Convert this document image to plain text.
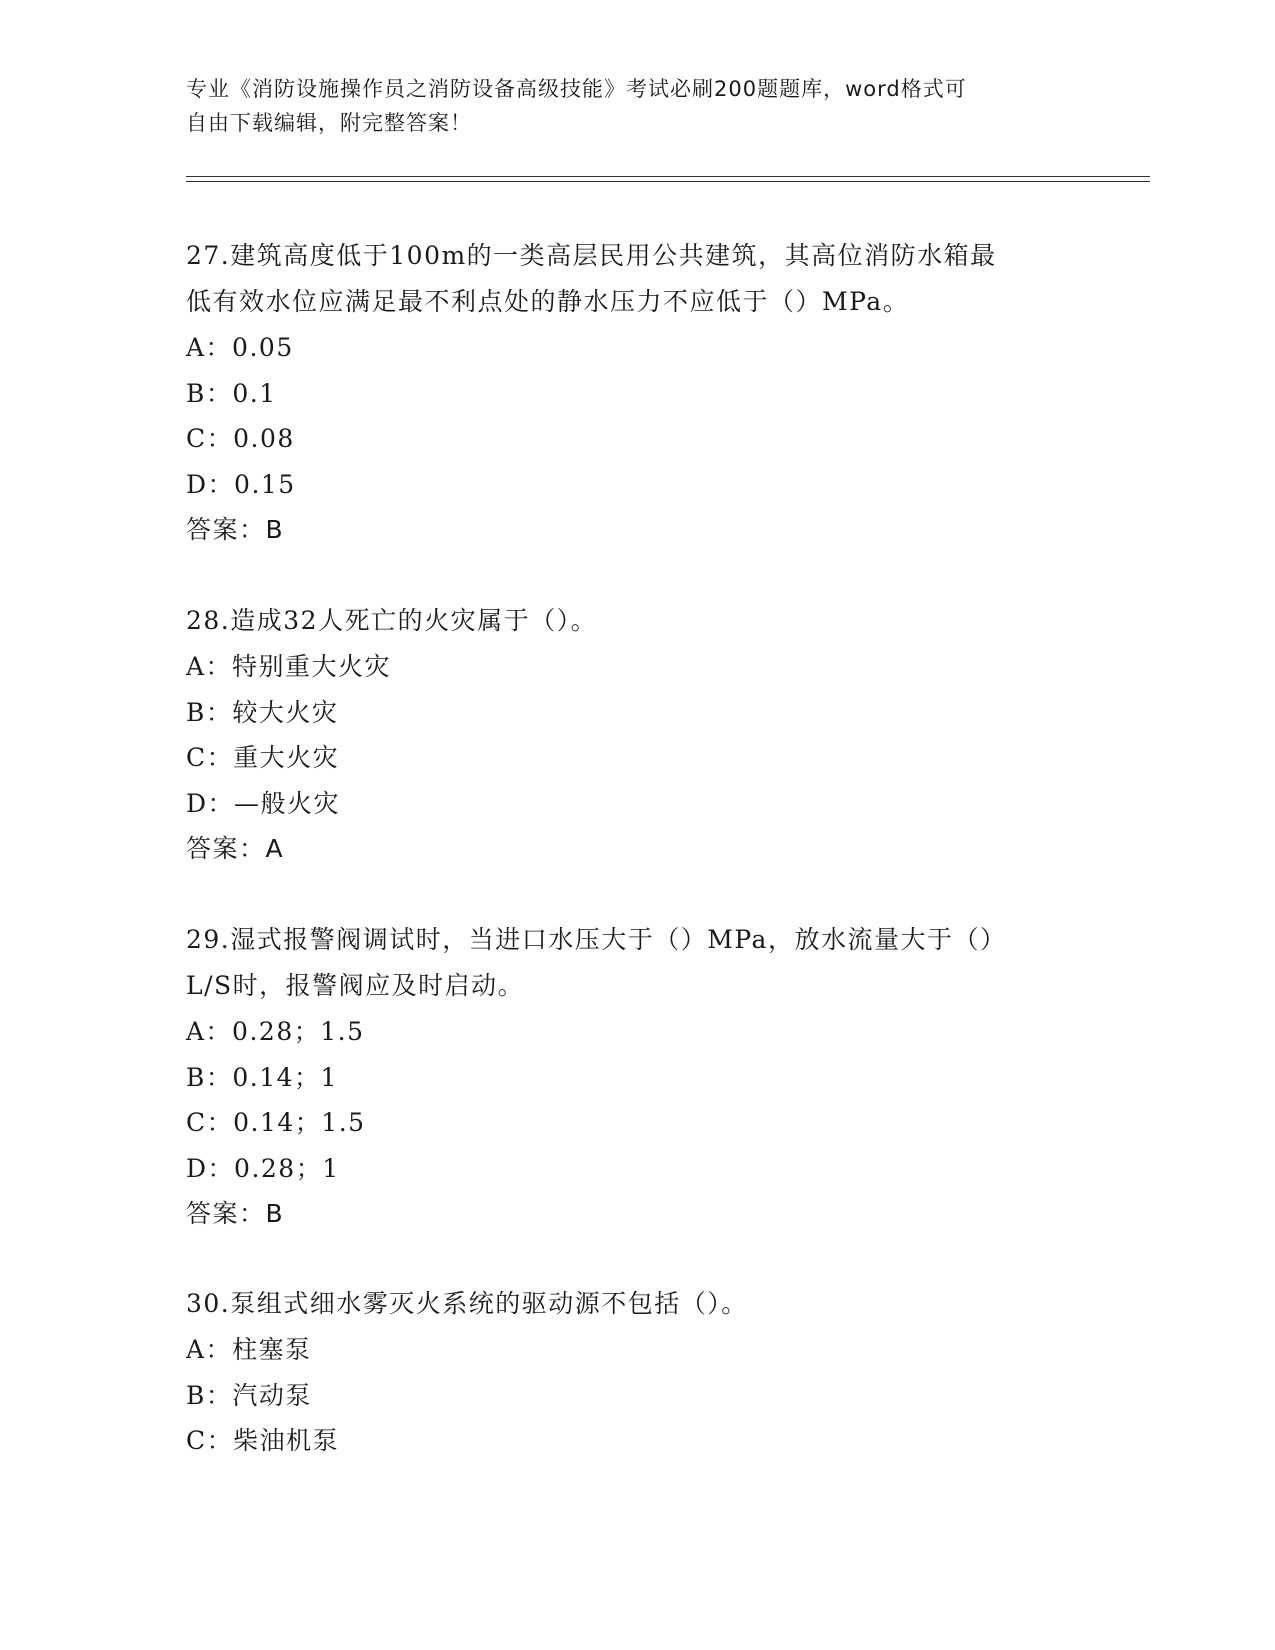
专业《消防设施操作员之消防设备高级技能》考试必刷200题题库，word格式可
自由下载编辑，附完整答案！
27.建筑高度低于100m的一类高层民用公共建筑，其高位消防水箱最
低有效水位应满足最不利点处的静水压力不应低于（）MPa。
A：0.05
B：0.1
C：0.08
D：0.15
答案：B
28.造成32人死亡的火灾属于（）。
A：特别重大火灾
B：较大火灾
C：重大火灾
D：—般火灾
答案：A
29.湿式报警阀调试时，当进口水压大于（）MPa，放水流量大于（）
L/S时，报警阀应及时启动。
A：0.28；1.5
B：0.14；1
C：0.14；1.5
D：0.28；1
答案：B
30.泵组式细水雾灭火系统的驱动源不包括（）。
A：柱塞泵
B：汽动泵
C：柴油机泵
